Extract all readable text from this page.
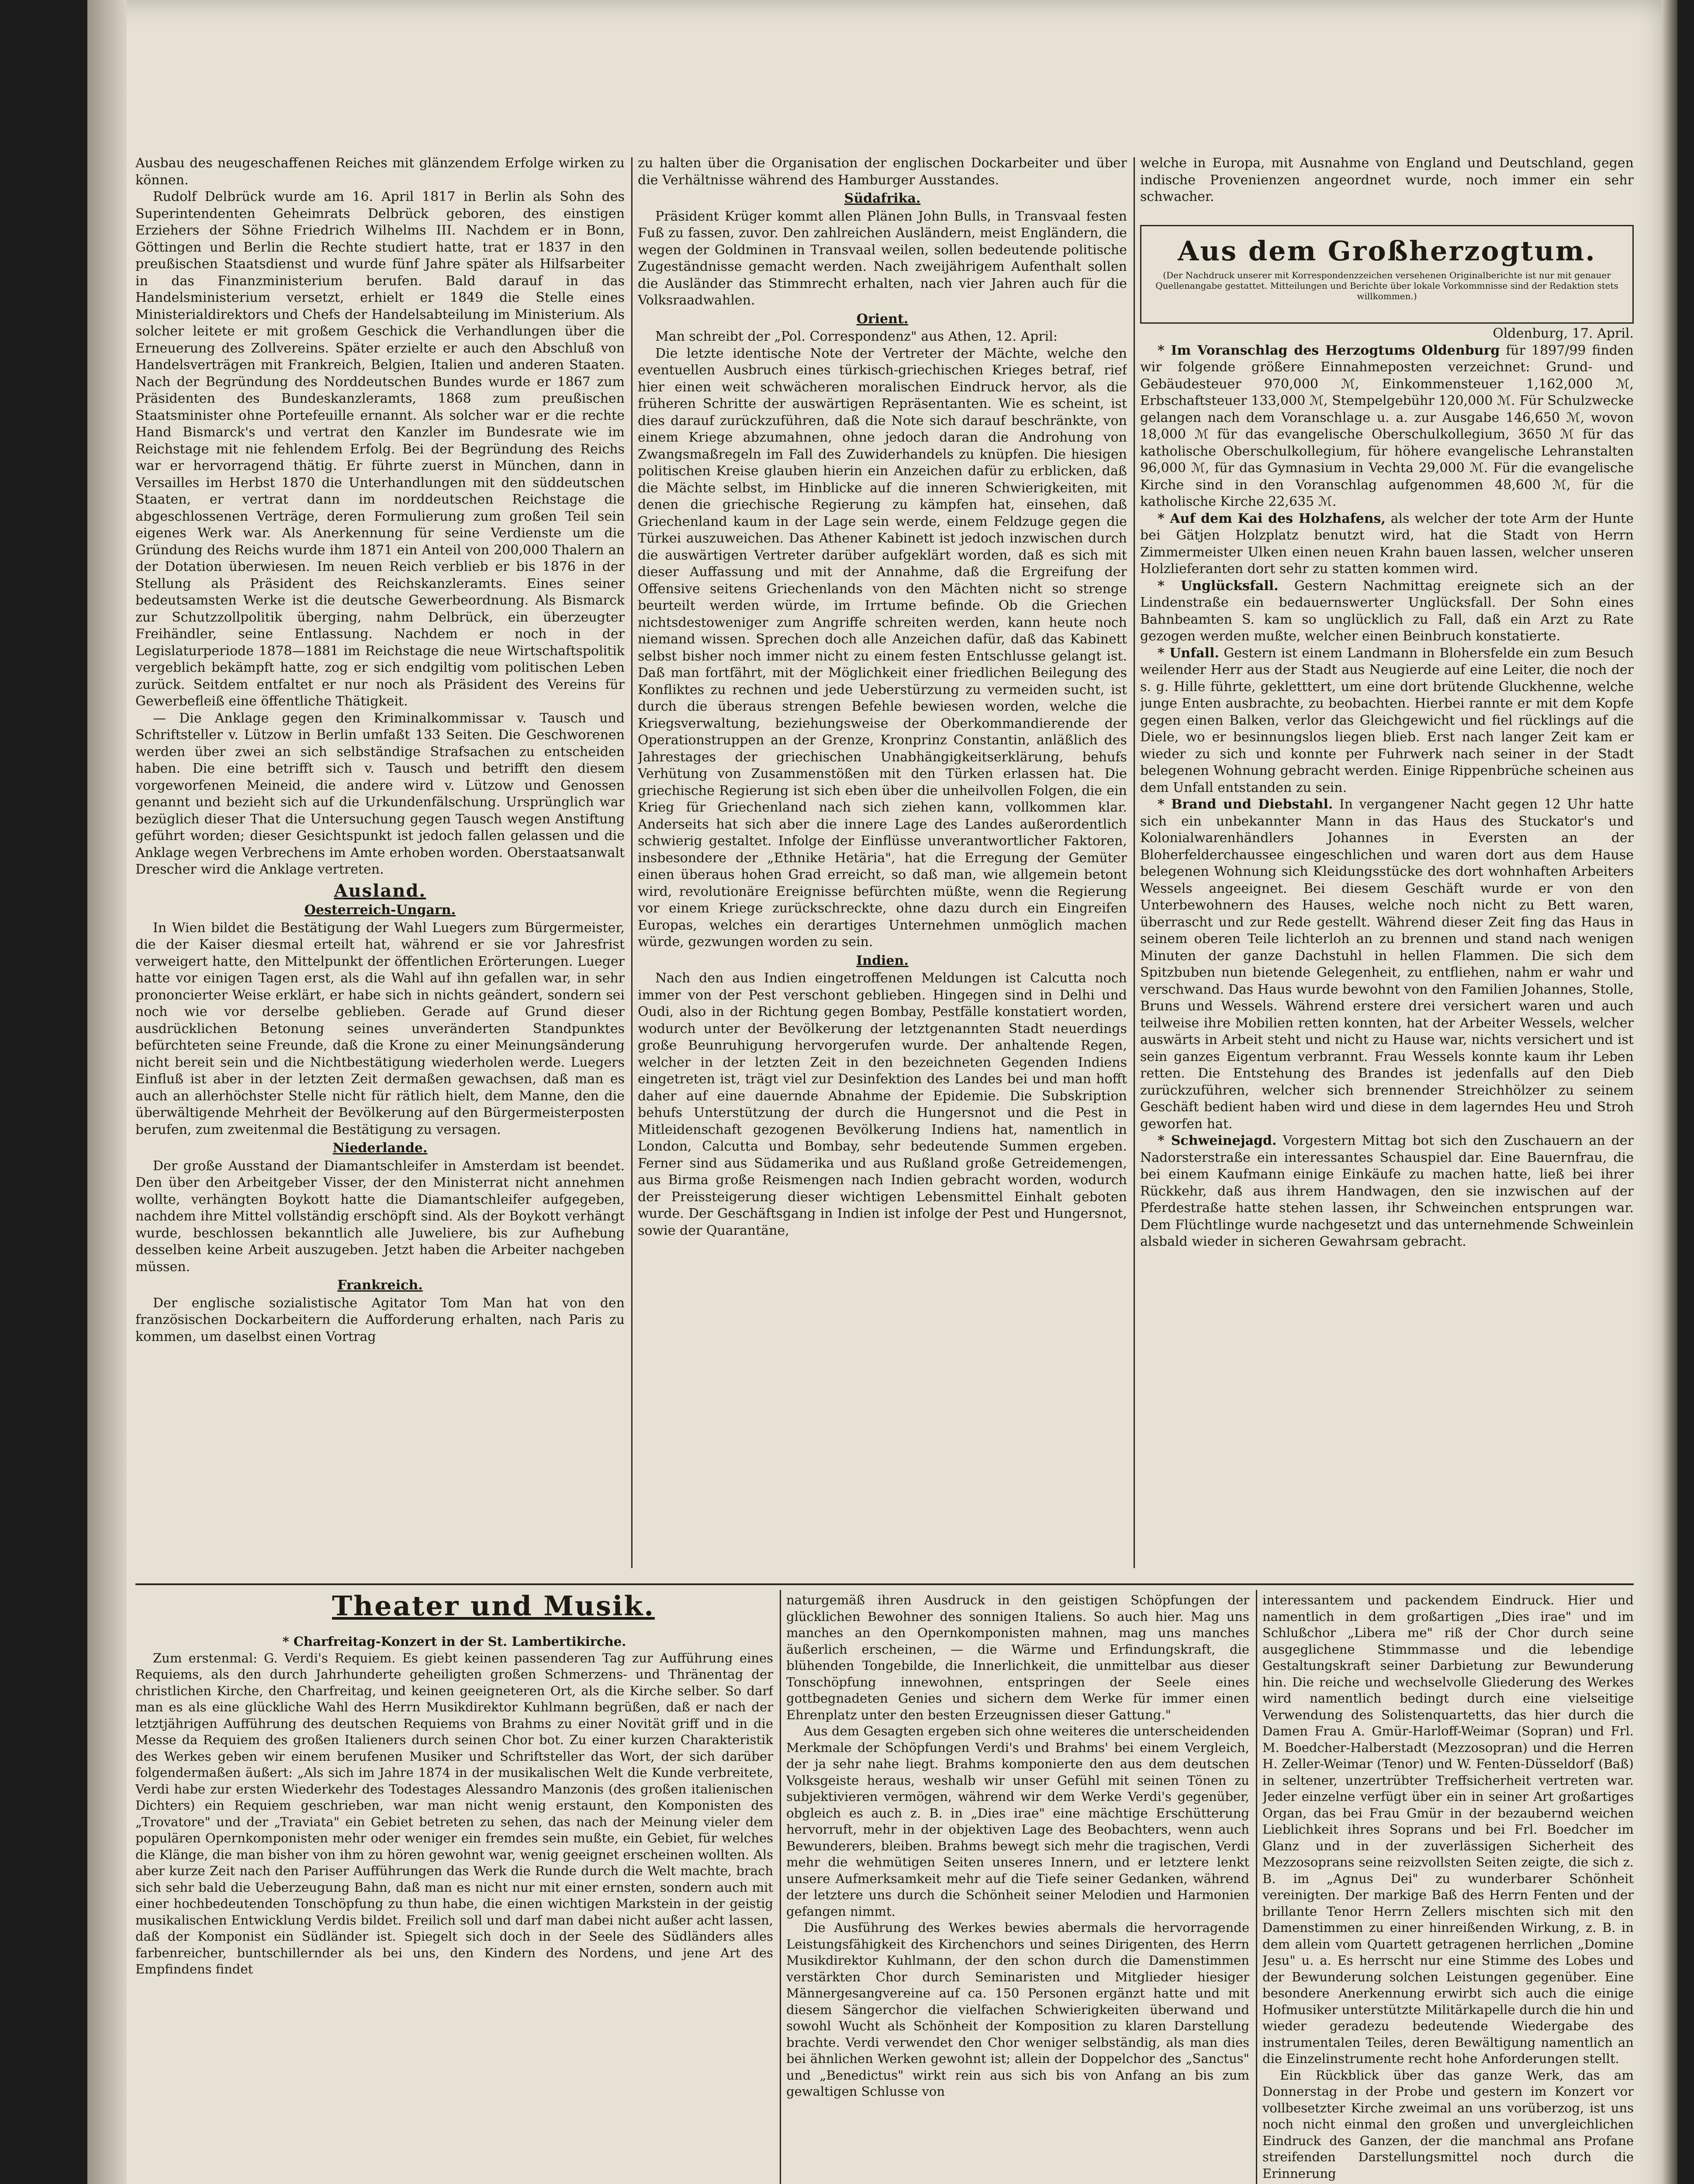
Ausbau des neugeschaffenen Reiches mit glänzendem Erfolge wirken zu können.

Rudolf Delbrück wurde am 16. April 1817 in Berlin als Sohn des Superintendenten Geheimrats Delbrück geboren, des einstigen Erziehers der Söhne Friedrich Wilhelms III. Nachdem er in Bonn, Göttingen und Berlin die Rechte studiert hatte, trat er 1837 in den preußischen Staatsdienst und wurde fünf Jahre später als Hilfsarbeiter in das Finanzministerium berufen. Bald darauf in das Handelsministerium versetzt, erhielt er 1849 die Stelle eines Ministerialdirektors und Chefs der Handelsabteilung im Ministerium. Als solcher leitete er mit großem Geschick die Verhandlungen über die Erneuerung des Zollvereins. Später erzielte er auch den Abschluß von Handelsverträgen mit Frankreich, Belgien, Italien und anderen Staaten. Nach der Begründung des Norddeutschen Bundes wurde er 1867 zum Präsidenten des Bundeskanzleramts, 1868 zum preußischen Staatsminister ohne Portefeuille ernannt. Als solcher war er die rechte Hand Bismarck's und vertrat den Kanzler im Bundesrate wie im Reichstage mit nie fehlendem Erfolg. Bei der Begründung des Reichs war er hervorragend thätig. Er führte zuerst in München, dann in Versailles im Herbst 1870 die Unterhandlungen mit den süddeutschen Staaten, er vertrat dann im norddeutschen Reichstage die abgeschlossenen Verträge, deren Formulierung zum großen Teil sein eigenes Werk war. Als Anerkennung für seine Verdienste um die Gründung des Reichs wurde ihm 1871 ein Anteil von 200,000 Thalern an der Dotation überwiesen. Im neuen Reich verblieb er bis 1876 in der Stellung als Präsident des Reichskanzleramts. Eines seiner bedeutsamsten Werke ist die deutsche Gewerbeordnung. Als Bismarck zur Schutzzollpolitik überging, nahm Delbrück, ein überzeugter Freihändler, seine Entlassung. Nachdem er noch in der Legislaturperiode 1878—1881 im Reichstage die neue Wirtschaftspolitik vergeblich bekämpft hatte, zog er sich endgiltig vom politischen Leben zurück. Seitdem entfaltet er nur noch als Präsident des Vereins für Gewerbefleiß eine öffentliche Thätigkeit.

— Die Anklage gegen den Kriminalkommissar v. Tausch und Schriftsteller v. Lützow in Berlin umfaßt 133 Seiten. Die Geschworenen werden über zwei an sich selbständige Strafsachen zu entscheiden haben. Die eine betrifft sich v. Tausch und betrifft den diesem vorgeworfenen Meineid, die andere wird v. Lützow und Genossen genannt und bezieht sich auf die Urkundenfälschung. Ursprünglich war bezüglich dieser That die Untersuchung gegen Tausch wegen Anstiftung geführt worden; dieser Gesichtspunkt ist jedoch fallen gelassen und die Anklage wegen Verbrechens im Amte erhoben worden. Oberstaatsanwalt Drescher wird die Anklage vertreten.

Ausland.
Oesterreich-Ungarn.

In Wien bildet die Bestätigung der Wahl Luegers zum Bürgermeister, die der Kaiser diesmal erteilt hat, während er sie vor Jahresfrist verweigert hatte, den Mittelpunkt der öffentlichen Erörterungen. Lueger hatte vor einigen Tagen erst, als die Wahl auf ihn gefallen war, in sehr prononcierter Weise erklärt, er habe sich in nichts geändert, sondern sei noch wie vor derselbe geblieben. Gerade auf Grund dieser ausdrücklichen Betonung seines unveränderten Standpunktes befürchteten seine Freunde, daß die Krone zu einer Meinungsänderung nicht bereit sein und die Nichtbestätigung wiederholen werde. Luegers Einfluß ist aber in der letzten Zeit dermaßen gewachsen, daß man es auch an allerhöchster Stelle nicht für rätlich hielt, dem Manne, den die überwältigende Mehrheit der Bevölkerung auf den Bürgermeisterposten berufen, zum zweitenmal die Bestätigung zu versagen.

Niederlande.

Der große Ausstand der Diamantschleifer in Amsterdam ist beendet. Den über den Arbeitgeber Visser, der den Ministerrat nicht annehmen wollte, verhängten Boykott hatte die Diamantschleifer aufgegeben, nachdem ihre Mittel vollständig erschöpft sind. Als der Boykott verhängt wurde, beschlossen bekanntlich alle Juweliere, bis zur Aufhebung desselben keine Arbeit auszugeben. Jetzt haben die Arbeiter nachgeben müssen.

Frankreich.

Der englische sozialistische Agitator Tom Man hat von den französischen Dockarbeitern die Aufforderung erhalten, nach Paris zu kommen, um daselbst einen Vortrag

zu halten über die Organisation der englischen Dockarbeiter und über die Verhältnisse während des Hamburger Ausstandes.

Südafrika.

Präsident Krüger kommt allen Plänen John Bulls, in Transvaal festen Fuß zu fassen, zuvor. Den zahlreichen Ausländern, meist Engländern, die wegen der Goldminen in Transvaal weilen, sollen bedeutende politische Zugeständnisse gemacht werden. Nach zweijährigem Aufenthalt sollen die Ausländer das Stimmrecht erhalten, nach vier Jahren auch für die Volksraadwahlen.

Orient.

Man schreibt der „Pol. Correspondenz" aus Athen, 12. April:

Die letzte identische Note der Vertreter der Mächte, welche den eventuellen Ausbruch eines türkisch-griechischen Krieges betraf, rief hier einen weit schwächeren moralischen Eindruck hervor, als die früheren Schritte der auswärtigen Repräsentanten. Wie es scheint, ist dies darauf zurückzuführen, daß die Note sich darauf beschränkte, von einem Kriege abzumahnen, ohne jedoch daran die Androhung von Zwangsmaßregeln im Fall des Zuwiderhandels zu knüpfen. Die hiesigen politischen Kreise glauben hierin ein Anzeichen dafür zu erblicken, daß die Mächte selbst, im Hinblicke auf die inneren Schwierigkeiten, mit denen die griechische Regierung zu kämpfen hat, einsehen, daß Griechenland kaum in der Lage sein werde, einem Feldzuge gegen die Türkei auszuweichen. Das Athener Kabinett ist jedoch inzwischen durch die auswärtigen Vertreter darüber aufgeklärt worden, daß es sich mit dieser Auffassung und mit der Annahme, daß die Ergreifung der Offensive seitens Griechenlands von den Mächten nicht so strenge beurteilt werden würde, im Irrtume befinde. Ob die Griechen nichtsdestoweniger zum Angriffe schreiten werden, kann heute noch niemand wissen. Sprechen doch alle Anzeichen dafür, daß das Kabinett selbst bisher noch immer nicht zu einem festen Entschlusse gelangt ist. Daß man fortfährt, mit der Möglichkeit einer friedlichen Beilegung des Konfliktes zu rechnen und jede Ueberstürzung zu vermeiden sucht, ist durch die überaus strengen Befehle bewiesen worden, welche die Kriegsverwaltung, beziehungsweise der Oberkommandierende der Operationstruppen an der Grenze, Kronprinz Constantin, anläßlich des Jahrestages der griechischen Unabhängigkeitserklärung, behufs Verhütung von Zusammenstößen mit den Türken erlassen hat. Die griechische Regierung ist sich eben über die unheilvollen Folgen, die ein Krieg für Griechenland nach sich ziehen kann, vollkommen klar. Anderseits hat sich aber die innere Lage des Landes außerordentlich schwierig gestaltet. Infolge der Einflüsse unverantwortlicher Faktoren, insbesondere der „Ethnike Hetäria", hat die Erregung der Gemüter einen überaus hohen Grad erreicht, so daß man, wie allgemein betont wird, revolutionäre Ereignisse befürchten müßte, wenn die Regierung vor einem Kriege zurückschreckte, ohne dazu durch ein Eingreifen Europas, welches ein derartiges Unternehmen unmöglich machen würde, gezwungen worden zu sein.

Indien.

Nach den aus Indien eingetroffenen Meldungen ist Calcutta noch immer von der Pest verschont geblieben. Hingegen sind in Delhi und Oudi, also in der Richtung gegen Bombay, Pestfälle konstatiert worden, wodurch unter der Bevölkerung der letztgenannten Stadt neuerdings große Beunruhigung hervorgerufen wurde. Der anhaltende Regen, welcher in der letzten Zeit in den bezeichneten Gegenden Indiens eingetreten ist, trägt viel zur Desinfektion des Landes bei und man hofft daher auf eine dauernde Abnahme der Epidemie. Die Subskription behufs Unterstützung der durch die Hungersnot und die Pest in Mitleidenschaft gezogenen Bevölkerung Indiens hat, namentlich in London, Calcutta und Bombay, sehr bedeutende Summen ergeben. Ferner sind aus Südamerika und aus Rußland große Getreidemengen, aus Birma große Reismengen nach Indien gebracht worden, wodurch der Preissteigerung dieser wichtigen Lebensmittel Einhalt geboten wurde. Der Geschäftsgang in Indien ist infolge der Pest und Hungersnot, sowie der Quarantäne,

welche in Europa, mit Ausnahme von England und Deutschland, gegen indische Provenienzen angeordnet wurde, noch immer ein sehr schwacher.

Aus dem Großherzogtum.
(Der Nachdruck unserer mit Korrespondenzzeichen versehenen Originalberichte ist nur mit genauer Quellenangabe gestattet. Mitteilungen und Berichte über lokale Vorkommnisse sind der Redaktion stets willkommen.)

Oldenburg, 17. April.

* Im Voranschlag des Herzogtums Oldenburg für 1897/99 finden wir folgende größere Einnahmeposten verzeichnet: Grund- und Gebäudesteuer 970,000 ℳ, Einkommensteuer 1,162,000 ℳ, Erbschaftsteuer 133,000 ℳ, Stempelgebühr 120,000 ℳ. Für Schulzwecke gelangen nach dem Voranschlage u. a. zur Ausgabe 146,650 ℳ, wovon 18,000 ℳ für das evangelische Oberschulkollegium, 3650 ℳ für das katholische Oberschulkollegium, für höhere evangelische Lehranstalten 96,000 ℳ, für das Gymnasium in Vechta 29,000 ℳ. Für die evangelische Kirche sind in den Voranschlag aufgenommen 48,600 ℳ, für die katholische Kirche 22,635 ℳ.

* Auf dem Kai des Holzhafens, als welcher der tote Arm der Hunte bei Gätjen Holzplatz benutzt wird, hat die Stadt von Herrn Zimmermeister Ulken einen neuen Krahn bauen lassen, welcher unseren Holzlieferanten dort sehr zu statten kommen wird.

* Unglücksfall. Gestern Nachmittag ereignete sich an der Lindenstraße ein bedauernswerter Unglücksfall. Der Sohn eines Bahnbeamten S. kam so unglücklich zu Fall, daß ein Arzt zu Rate gezogen werden mußte, welcher einen Beinbruch konstatierte.

* Unfall. Gestern ist einem Landmann in Blohersfelde ein zum Besuch weilender Herr aus der Stadt aus Neugierde auf eine Leiter, die noch der s. g. Hille führte, gekletttert, um eine dort brütende Gluckhenne, welche junge Enten ausbrachte, zu beobachten. Hierbei rannte er mit dem Kopfe gegen einen Balken, verlor das Gleichgewicht und fiel rücklings auf die Diele, wo er besinnungslos liegen blieb. Erst nach langer Zeit kam er wieder zu sich und konnte per Fuhrwerk nach seiner in der Stadt belegenen Wohnung gebracht werden. Einige Rippenbrüche scheinen aus dem Unfall entstanden zu sein.

* Brand und Diebstahl. In vergangener Nacht gegen 12 Uhr hatte sich ein unbekannter Mann in das Haus des Stuckator's und Kolonialwarenhändlers Johannes in Eversten an der Bloherfelderchaussee eingeschlichen und waren dort aus dem Hause belegenen Wohnung sich Kleidungsstücke des dort wohnhaften Arbeiters Wessels angeeignet. Bei diesem Geschäft wurde er von den Unterbewohnern des Hauses, welche noch nicht zu Bett waren, überrascht und zur Rede gestellt. Während dieser Zeit fing das Haus in seinem oberen Teile lichterloh an zu brennen und stand nach wenigen Minuten der ganze Dachstuhl in hellen Flammen. Die sich dem Spitzbuben nun bietende Gelegenheit, zu entfliehen, nahm er wahr und verschwand. Das Haus wurde bewohnt von den Familien Johannes, Stolle, Bruns und Wessels. Während erstere drei versichert waren und auch teilweise ihre Mobilien retten konnten, hat der Arbeiter Wessels, welcher auswärts in Arbeit steht und nicht zu Hause war, nichts versichert und ist sein ganzes Eigentum verbrannt. Frau Wessels konnte kaum ihr Leben retten. Die Entstehung des Brandes ist jedenfalls auf den Dieb zurückzuführen, welcher sich brennender Streichhölzer zu seinem Geschäft bedient haben wird und diese in dem lagerndes Heu und Stroh geworfen hat.

* Schweinejagd. Vorgestern Mittag bot sich den Zuschauern an der Nadorsterstraße ein interessantes Schauspiel dar. Eine Bauernfrau, die bei einem Kaufmann einige Einkäufe zu machen hatte, ließ bei ihrer Rückkehr, daß aus ihrem Handwagen, den sie inzwischen auf der Pferdestraße hatte stehen lassen, ihr Schweinchen entsprungen war. Dem Flüchtlinge wurde nachgesetzt und das unternehmende Schweinlein alsbald wieder in sicheren Gewahrsam gebracht.

Theater und Musik.

* Charfreitag-Konzert in der St. Lambertikirche.

Zum erstenmal: G. Verdi's Requiem. Es giebt keinen passenderen Tag zur Aufführung eines Requiems, als den durch Jahrhunderte geheiligten großen Schmerzens- und Thränentag der christlichen Kirche, den Charfreitag, und keinen geeigneteren Ort, als die Kirche selber. So darf man es als eine glückliche Wahl des Herrn Musikdirektor Kuhlmann begrüßen, daß er nach der letztjährigen Aufführung des deutschen Requiems von Brahms zu einer Novität griff und in die Messe da Requiem des großen Italieners durch seinen Chor bot. Zu einer kurzen Charakteristik des Werkes geben wir einem berufenen Musiker und Schriftsteller das Wort, der sich darüber folgendermaßen äußert: „Als sich im Jahre 1874 in der musikalischen Welt die Kunde verbreitete, Verdi habe zur ersten Wiederkehr des Todestages Alessandro Manzonis (des großen italienischen Dichters) ein Requiem geschrieben, war man nicht wenig erstaunt, den Komponisten des „Trovatore" und der „Traviata" ein Gebiet betreten zu sehen, das nach der Meinung vieler dem populären Opernkomponisten mehr oder weniger ein fremdes sein mußte, ein Gebiet, für welches die Klänge, die man bisher von ihm zu hören gewohnt war, wenig geeignet erscheinen wollten. Als aber kurze Zeit nach den Pariser Aufführungen das Werk die Runde durch die Welt machte, brach sich sehr bald die Ueberzeugung Bahn, daß man es nicht nur mit einer ernsten, sondern auch mit einer hochbedeutenden Tonschöpfung zu thun habe, die einen wichtigen Markstein in der geistig musikalischen Entwicklung Verdis bildet. Freilich soll und darf man dabei nicht außer acht lassen, daß der Komponist ein Südländer ist. Spiegelt sich doch in der Seele des Südländers alles farbenreicher, buntschillernder als bei uns, den Kindern des Nordens, und jene Art des Empfindens findet

naturgemäß ihren Ausdruck in den geistigen Schöpfungen der glücklichen Bewohner des sonnigen Italiens. So auch hier. Mag uns manches an den Opernkomponisten mahnen, mag uns manches äußerlich erscheinen, — die Wärme und Erfindungskraft, die blühenden Tongebilde, die Innerlichkeit, die unmittelbar aus dieser Tonschöpfung innewohnen, entspringen der Seele eines gottbegnadeten Genies und sichern dem Werke für immer einen Ehrenplatz unter den besten Erzeugnissen dieser Gattung."

Aus dem Gesagten ergeben sich ohne weiteres die unterscheidenden Merkmale der Schöpfungen Verdi's und Brahms' bei einem Vergleich, der ja sehr nahe liegt. Brahms komponierte den aus dem deutschen Volksgeiste heraus, weshalb wir unser Gefühl mit seinen Tönen zu subjektivieren vermögen, während wir dem Werke Verdi's gegenüber, obgleich es auch z. B. in „Dies irae" eine mächtige Erschütterung hervorruft, mehr in der objektiven Lage des Beobachters, wenn auch Bewunderers, bleiben. Brahms bewegt sich mehr die tragischen, Verdi mehr die wehmütigen Seiten unseres Innern, und er letztere lenkt unsere Aufmerksamkeit mehr auf die Tiefe seiner Gedanken, während der letztere uns durch die Schönheit seiner Melodien und Harmonien gefangen nimmt.

Die Ausführung des Werkes bewies abermals die hervorragende Leistungsfähigkeit des Kirchenchors und seines Dirigenten, des Herrn Musikdirektor Kuhlmann, der den schon durch die Damenstimmen verstärkten Chor durch Seminaristen und Mitglieder hiesiger Männergesangvereine auf ca. 150 Personen ergänzt hatte und mit diesem Sängerchor die vielfachen Schwierigkeiten überwand und sowohl Wucht als Schönheit der Komposition zu klaren Darstellung brachte. Verdi verwendet den Chor weniger selbständig, als man dies bei ähnlichen Werken gewohnt ist; allein der Doppelchor des „Sanctus" und „Benedictus" wirkt rein aus sich bis von Anfang an bis zum gewaltigen Schlusse von

interessantem und packendem Eindruck. Hier und namentlich in dem großartigen „Dies irae" und im Schlußchor „Libera me" riß der Chor durch seine ausgeglichene Stimmmasse und die lebendige Gestaltungskraft seiner Darbietung zur Bewunderung hin. Die reiche und wechselvolle Gliederung des Werkes wird namentlich bedingt durch eine vielseitige Verwendung des Solistenquartetts, das hier durch die Damen Frau A. Gmür-Harloff-Weimar (Sopran) und Frl. M. Boedcher-Halberstadt (Mezzosopran) und die Herren H. Zeller-Weimar (Tenor) und W. Fenten-Düsseldorf (Baß) in seltener, unzertrübter Treffsicherheit vertreten war. Jeder einzelne verfügt über ein in seiner Art großartiges Organ, das bei Frau Gmür in der bezaubernd weichen Lieblichkeit ihres Soprans und bei Frl. Boedcher im Glanz und in der zuverlässigen Sicherheit des Mezzosoprans seine reizvollsten Seiten zeigte, die sich z. B. im „Agnus Dei" zu wunderbarer Schönheit vereinigten. Der markige Baß des Herrn Fenten und der brillante Tenor Herrn Zellers mischten sich mit den Damenstimmen zu einer hinreißenden Wirkung, z. B. in dem allein vom Quartett getragenen herrlichen „Domine Jesu" u. a. Es herrscht nur eine Stimme des Lobes und der Bewunderung solchen Leistungen gegenüber. Eine besondere Anerkennung erwirbt sich auch die einige Hofmusiker unterstützte Militärkapelle durch die hin und wieder geradezu bedeutende Wiedergabe des instrumentalen Teiles, deren Bewältigung namentlich an die Einzelinstrumente recht hohe Anforderungen stellt.

Ein Rückblick über das ganze Werk, das am Donnerstag in der Probe und gestern im Konzert vor vollbesetzter Kirche zweimal an uns vorüberzog, ist uns noch nicht einmal den großen und unvergleichlichen Eindruck des Ganzen, der die manchmal ans Profane streifenden Darstellungsmittel noch durch die Erinnerung
